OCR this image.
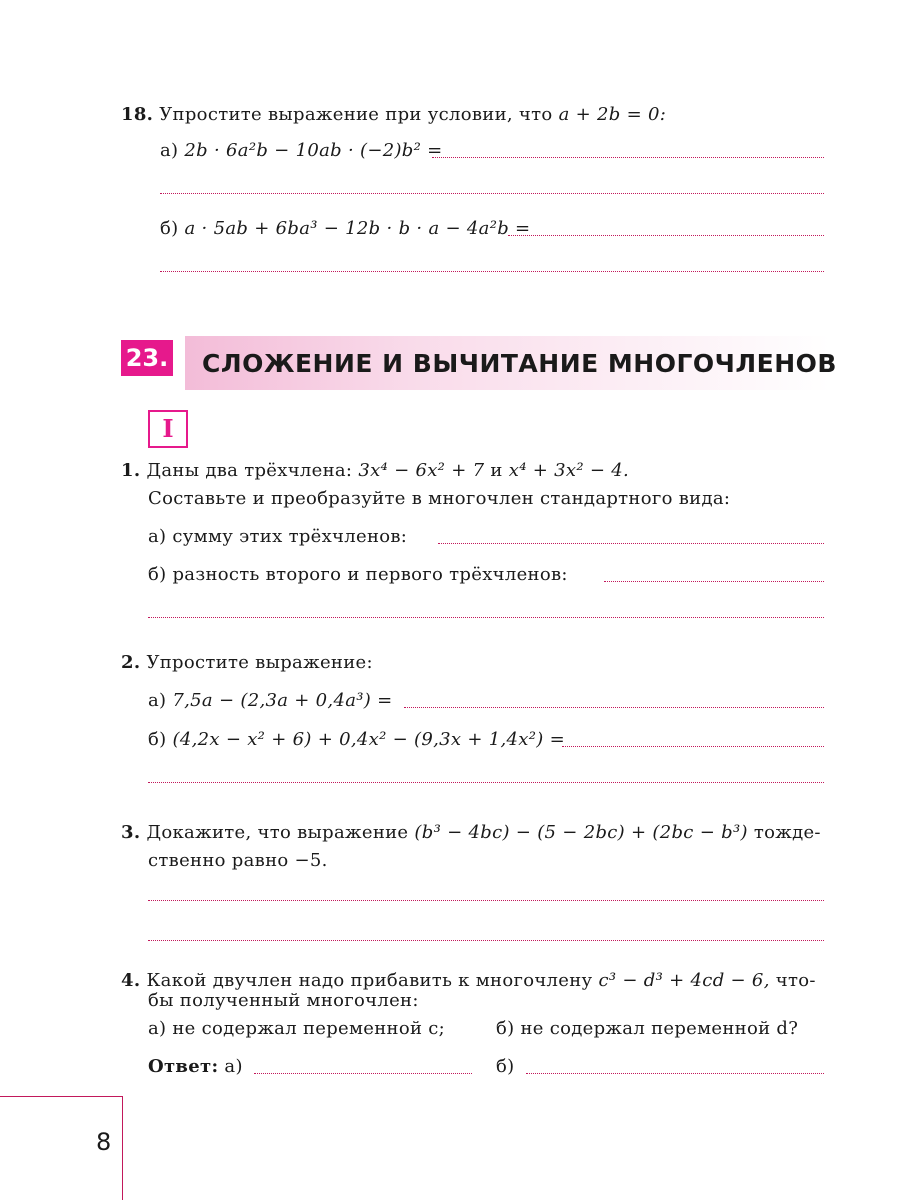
18. Упростите выражение при условии, что a + 2b = 0:
а) 2b · 6a²b − 10ab · (−2)b² =
б) a · 5ab + 6ba³ − 12b · b · a − 4a²b =
23. СЛОЖЕНИЕ И ВЫЧИТАНИЕ МНОГОЧЛЕНОВ
I
1. Даны два трёхчлена: 3x⁴ − 6x² + 7 и x⁴ + 3x² − 4.
Составьте и преобразуйте в многочлен стандартного вида:
а) сумму этих трёхчленов:
б) разность второго и первого трёхчленов:
2. Упростите выражение:
а) 7,5a − (2,3a + 0,4a³) =
б) (4,2x − x² + 6) + 0,4x² − (9,3x + 1,4x²) =
3. Докажите, что выражение (b³ − 4bc) − (5 − 2bc) + (2bc − b³) тожде-
ственно равно −5.
4. Какой двучлен надо прибавить к многочлену c³ − d³ + 4cd − 6, что-
бы полученный многочлен:
а) не содержал переменной c;	б) не содержал переменной d?
Ответ: а)	б)
8
